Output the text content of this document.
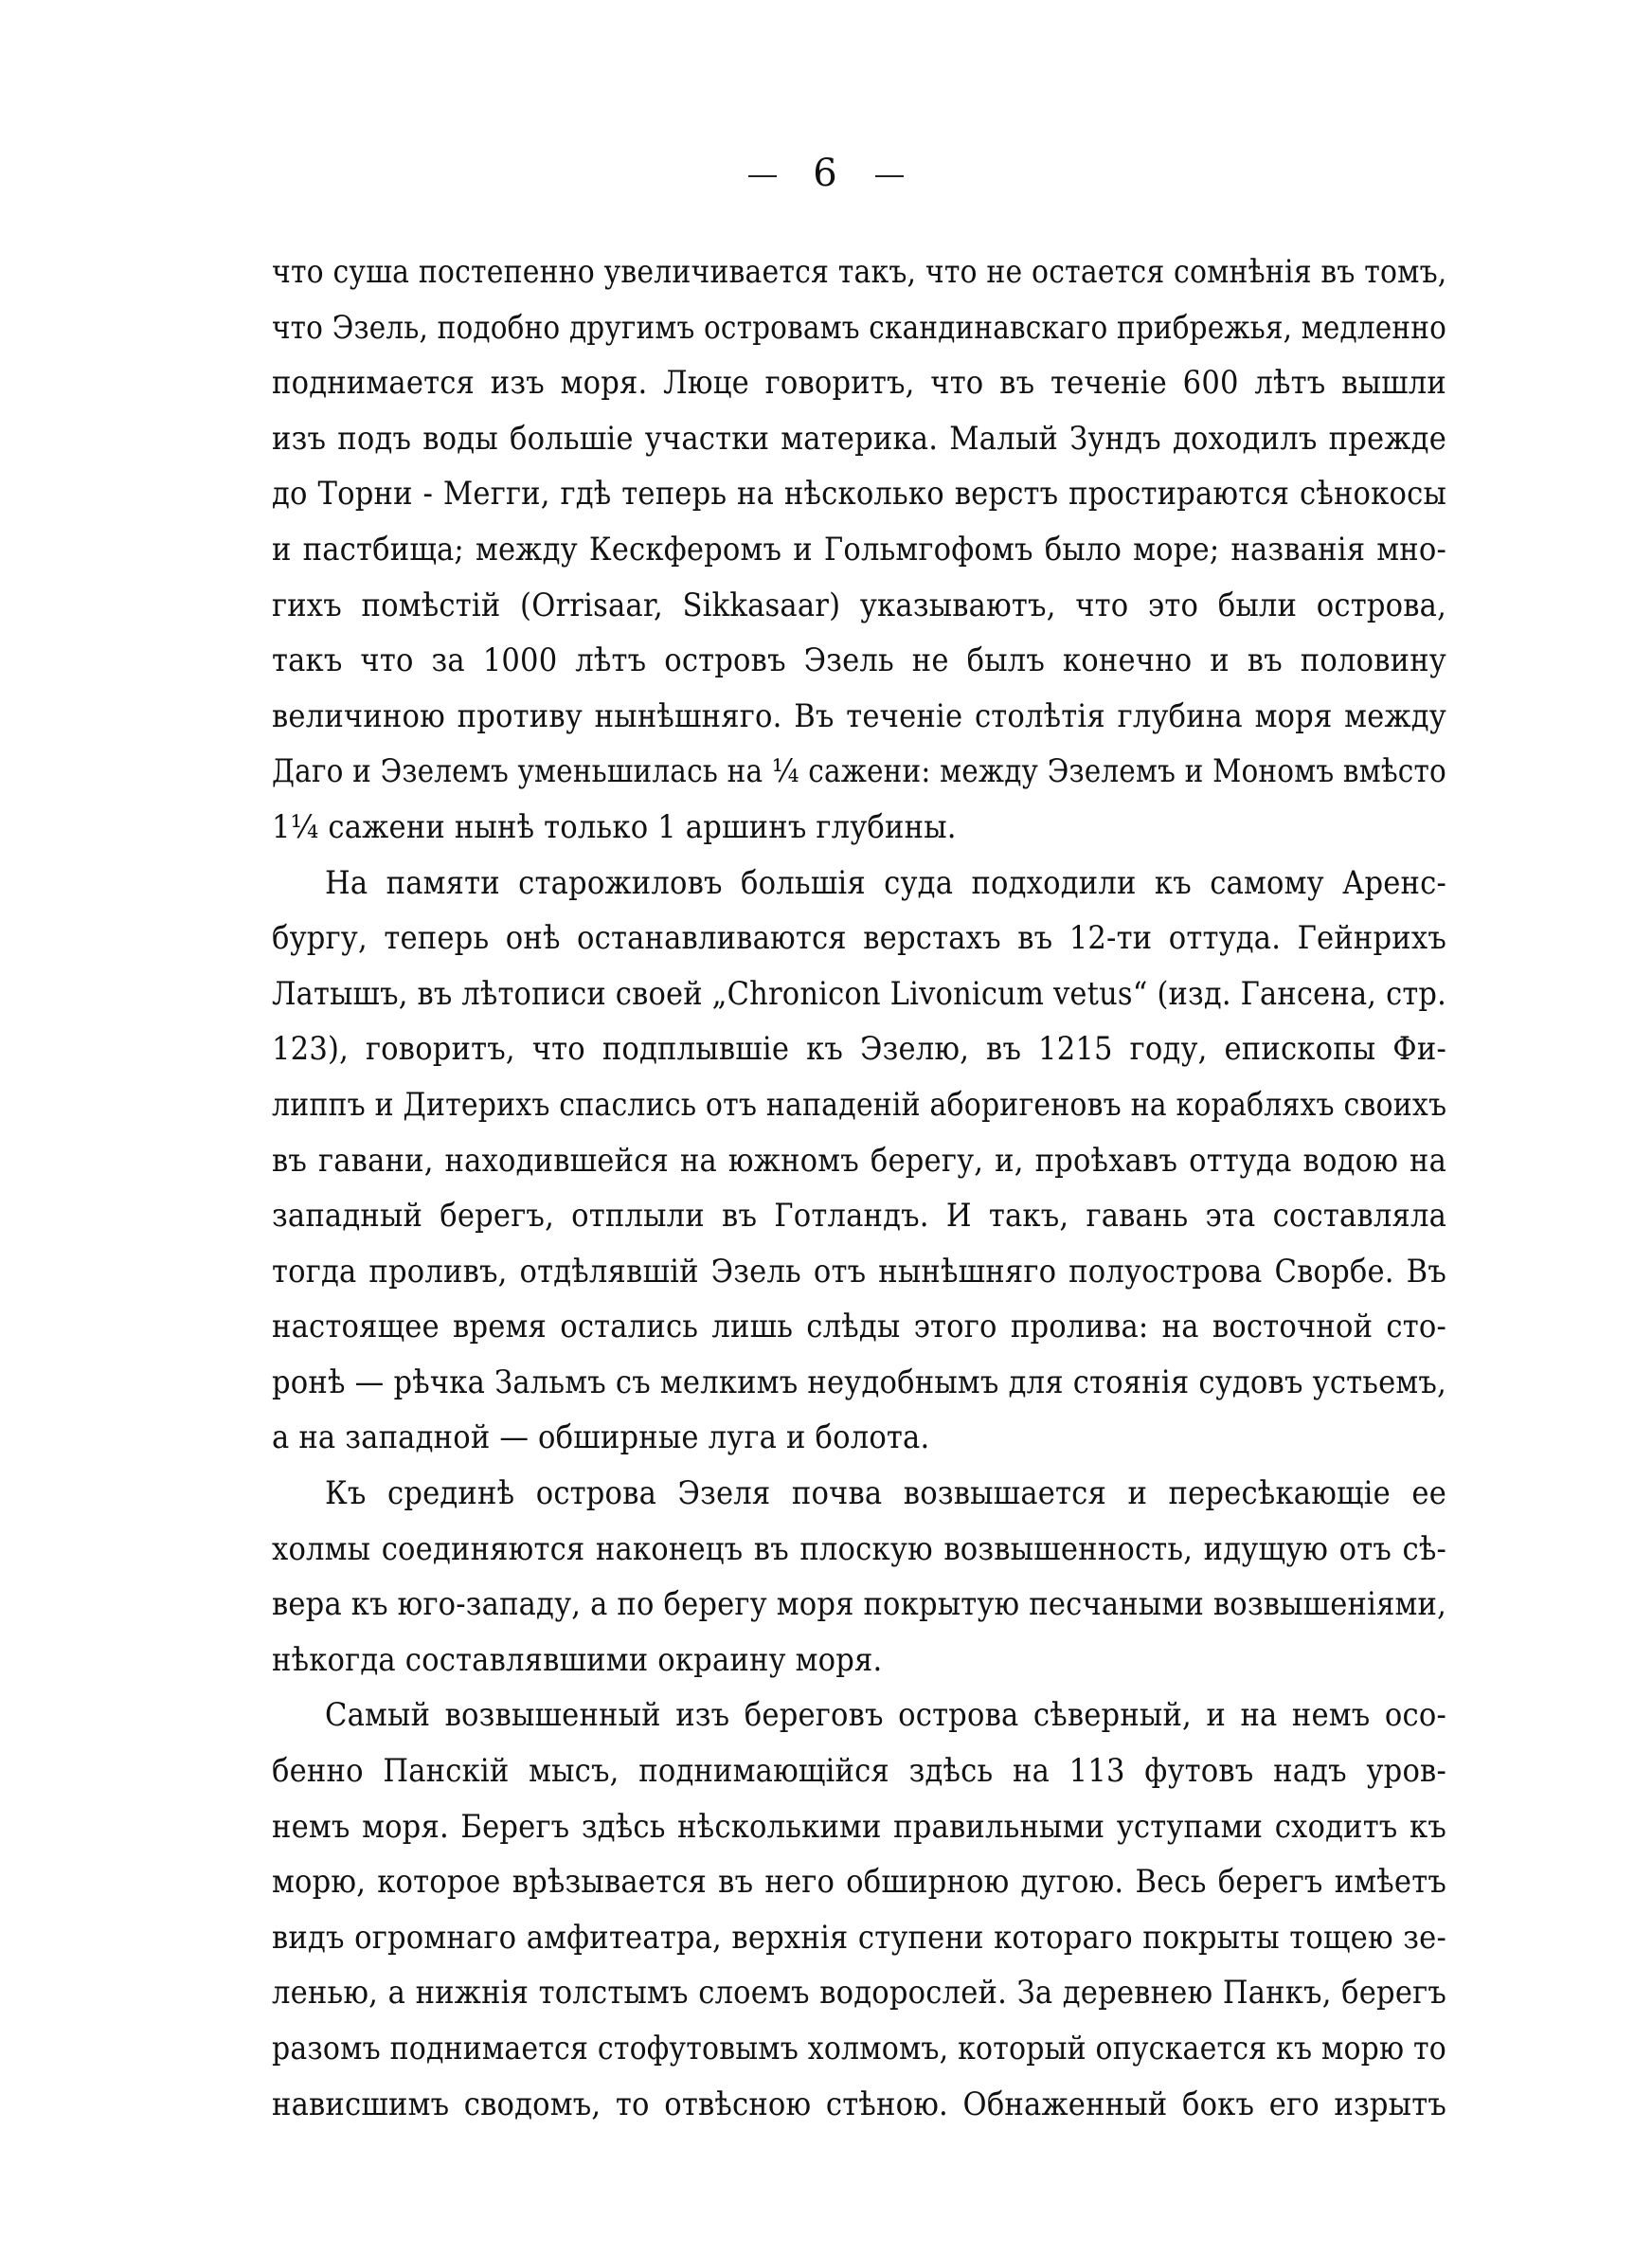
6
что суша постепенно увеличивается такъ, что не остается сомнѣнія въ томъ,
что Эзель, подобно другимъ островамъ скандинавскаго прибрежья, медленно
поднимается изъ моря. Люце говоритъ, что въ теченіе 600 лѣтъ вышли
изъ подъ воды большіе участки материка. Малый Зундъ доходилъ прежде
до Торни - Мегги, гдѣ теперь на нѣсколько верстъ простираются сѣнокосы
и пастбища; между Кескферомъ и Гольмгофомъ было море; названія мно-
гихъ помѣстій (Orrisaar, Sikkasaar) указываютъ, что это были острова,
такъ что за 1000 лѣтъ островъ Эзель не былъ конечно и въ половину
величиною противу нынѣшняго. Въ теченіе столѣтія глубина моря между
Даго и Эзелемъ уменьшилась на ¼ сажени: между Эзелемъ и Мономъ вмѣсто
1¼ сажени нынѣ только 1 аршинъ глубины.
На памяти старожиловъ большія суда подходили къ самому Аренс-
бургу, теперь онѣ останавливаются верстахъ въ 12-ти оттуда. Гейнрихъ
Латышъ, въ лѣтописи своей „Chronicon Livonicum vetus“ (изд. Гансена, стр.
123), говоритъ, что подплывшіе къ Эзелю, въ 1215 году, епископы Фи-
липпъ и Дитерихъ спаслись отъ нападеній аборигеновъ на корабляхъ своихъ
въ гавани, находившейся на южномъ берегу, и, проѣхавъ оттуда водою на
западный берегъ, отплыли въ Готландъ. И такъ, гавань эта составляла
тогда проливъ, отдѣлявшій Эзель отъ нынѣшняго полуострова Сворбе. Въ
настоящее время остались лишь слѣды этого пролива: на восточной сто-
ронѣ — рѣчка Зальмъ съ мелкимъ неудобнымъ для стоянія судовъ устьемъ,
а на западной — обширные луга и болота.
Къ срединѣ острова Эзеля почва возвышается и пересѣкающіе ее
холмы соединяются наконецъ въ плоскую возвышенность, идущую отъ сѣ-
вера къ юго-западу, а по берегу моря покрытую песчаными возвышеніями,
нѣкогда составлявшими окраину моря.
Самый возвышенный изъ береговъ острова сѣверный, и на немъ осо-
бенно Панскій мысъ, поднимающійся здѣсь на 113 футовъ надъ уров-
немъ моря. Берегъ здѣсь нѣсколькими правильными уступами сходитъ къ
морю, которое врѣзывается въ него обширною дугою. Весь берегъ имѣетъ
видъ огромнаго амфитеатра, верхнія ступени котораго покрыты тощею зе-
ленью, а нижнія толстымъ слоемъ водорослей. За деревнею Панкъ, берегъ
разомъ поднимается стофутовымъ холмомъ, который опускается къ морю то
нависшимъ сводомъ, то отвѣсною стѣною. Обнаженный бокъ его изрытъ
